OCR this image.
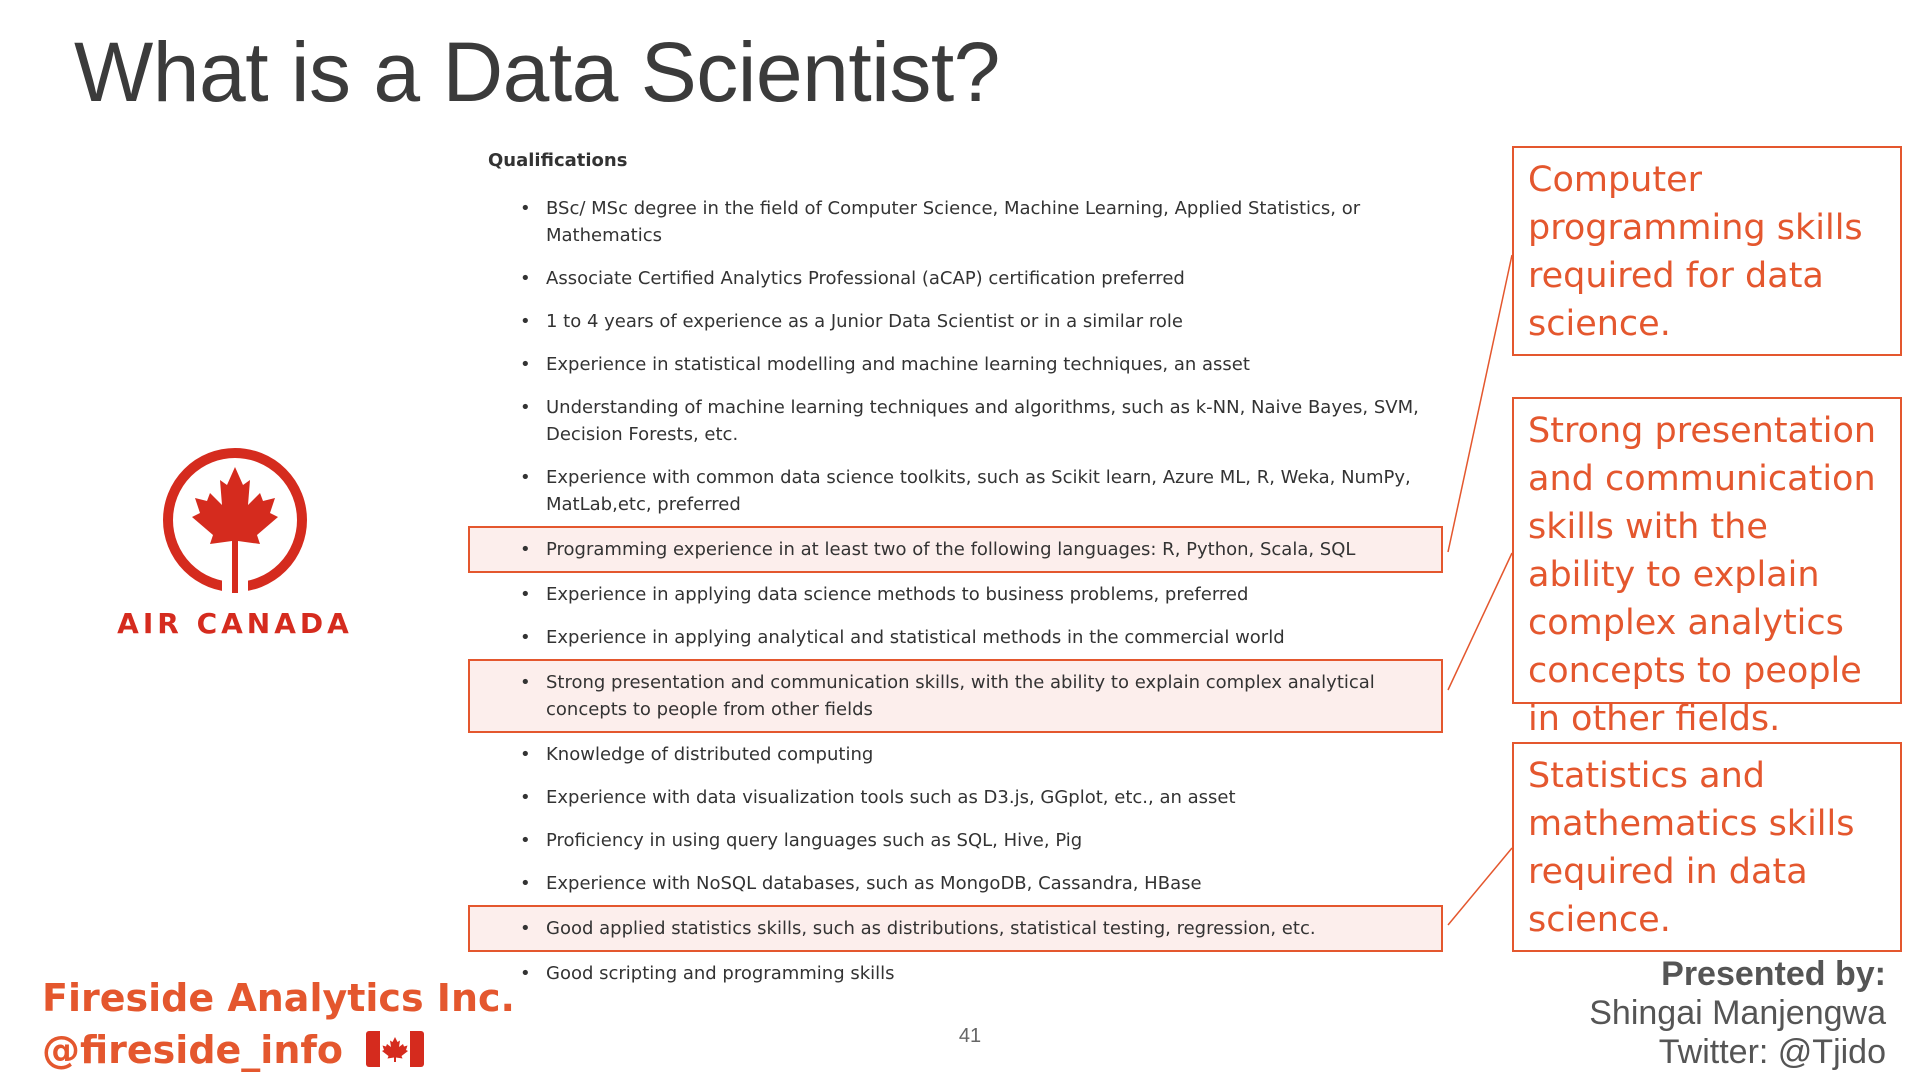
What is a Data Scientist?
AIR CANADA
Qualifications
• BSc/ MSc degree in the field of Computer Science, Machine Learning, Applied Statistics, or Mathematics
• Associate Certified Analytics Professional (aCAP) certification preferred
• 1 to 4 years of experience as a Junior Data Scientist or in a similar role
• Experience in statistical modelling and machine learning techniques, an asset
• Understanding of machine learning techniques and algorithms, such as k-NN, Naive Bayes, SVM, Decision Forests, etc.
• Experience with common data science toolkits, such as Scikit learn, Azure ML, R, Weka, NumPy, MatLab,etc, preferred
• Programming experience in at least two of the following languages: R, Python, Scala, SQL
• Experience in applying data science methods to business problems, preferred
• Experience in applying analytical and statistical methods in the commercial world
• Strong presentation and communication skills, with the ability to explain complex analytical concepts to people from other fields
• Knowledge of distributed computing
• Experience with data visualization tools such as D3.js, GGplot, etc., an asset
• Proficiency in using query languages such as SQL, Hive, Pig
• Experience with NoSQL databases, such as MongoDB, Cassandra, HBase
• Good applied statistics skills, such as distributions, statistical testing, regression, etc.
• Good scripting and programming skills
Computer programming skills required for data science.
Strong presentation and communication skills with the ability to explain complex analytics concepts to people in other fields.
Statistics and mathematics skills required in data science.
Fireside Analytics Inc.
@fireside_info	41
Presented by:
Shingai Manjengwa
Twitter: @Tjido
